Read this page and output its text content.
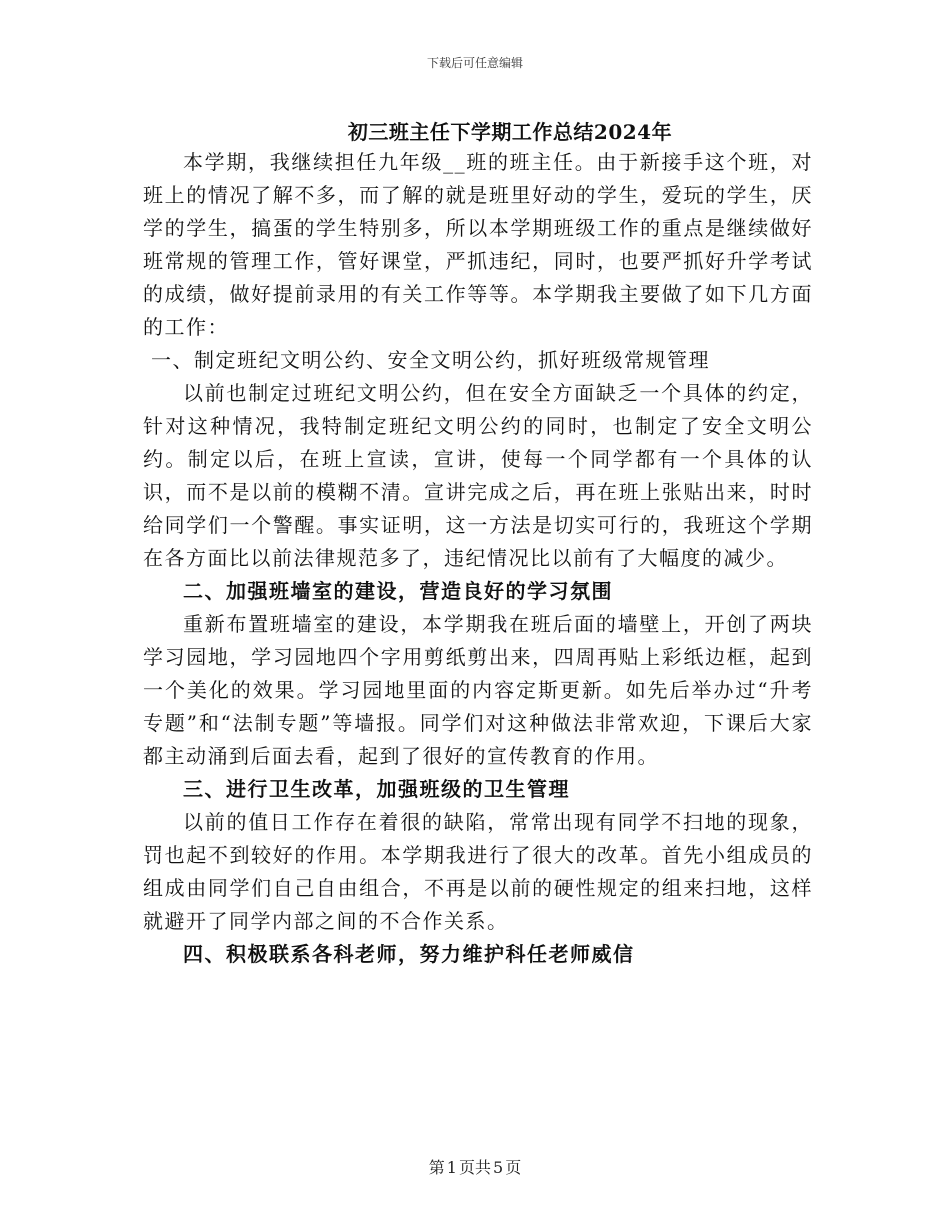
下载后可任意编辑
初三班主任下学期工作总结2024年

本学期，我继续担任九年级__班的班主任。由于新接手这个班，对班上的情况了解不多，而了解的就是班里好动的学生，爱玩的学生，厌学的学生，搞蛋的学生特别多，所以本学期班级工作的重点是继续做好班常规的管理工作，管好课堂，严抓违纪，同时，也要严抓好升学考试的成绩，做好提前录用的有关工作等等。本学期我主要做了如下几方面的工作：

一、制定班纪文明公约、安全文明公约，抓好班级常规管理

以前也制定过班纪文明公约，但在安全方面缺乏一个具体的约定，针对这种情况，我特制定班纪文明公约的同时，也制定了安全文明公约。制定以后，在班上宣读，宣讲，使每一个同学都有一个具体的认识，而不是以前的模糊不清。宣讲完成之后，再在班上张贴出来，时时给同学们一个警醒。事实证明，这一方法是切实可行的，我班这个学期在各方面比以前法律规范多了，违纪情况比以前有了大幅度的减少。

二、加强班墙室的建设，营造良好的学习氛围

重新布置班墙室的建设，本学期我在班后面的墙壁上，开创了两块学习园地，学习园地四个字用剪纸剪出来，四周再贴上彩纸边框，起到一个美化的效果。学习园地里面的内容定斯更新。如先后举办过“升考专题”和“法制专题”等墙报。同学们对这种做法非常欢迎，下课后大家都主动涌到后面去看，起到了很好的宣传教育的作用。

三、进行卫生改革，加强班级的卫生管理

以前的值日工作存在着很的缺陷，常常出现有同学不扫地的现象，罚也起不到较好的作用。本学期我进行了很大的改革。首先小组成员的组成由同学们自己自由组合，不再是以前的硬性规定的组来扫地，这样就避开了同学内部之间的不合作关系。

四、积极联系各科老师，努力维护科任老师威信

第 1 页共 5 页
